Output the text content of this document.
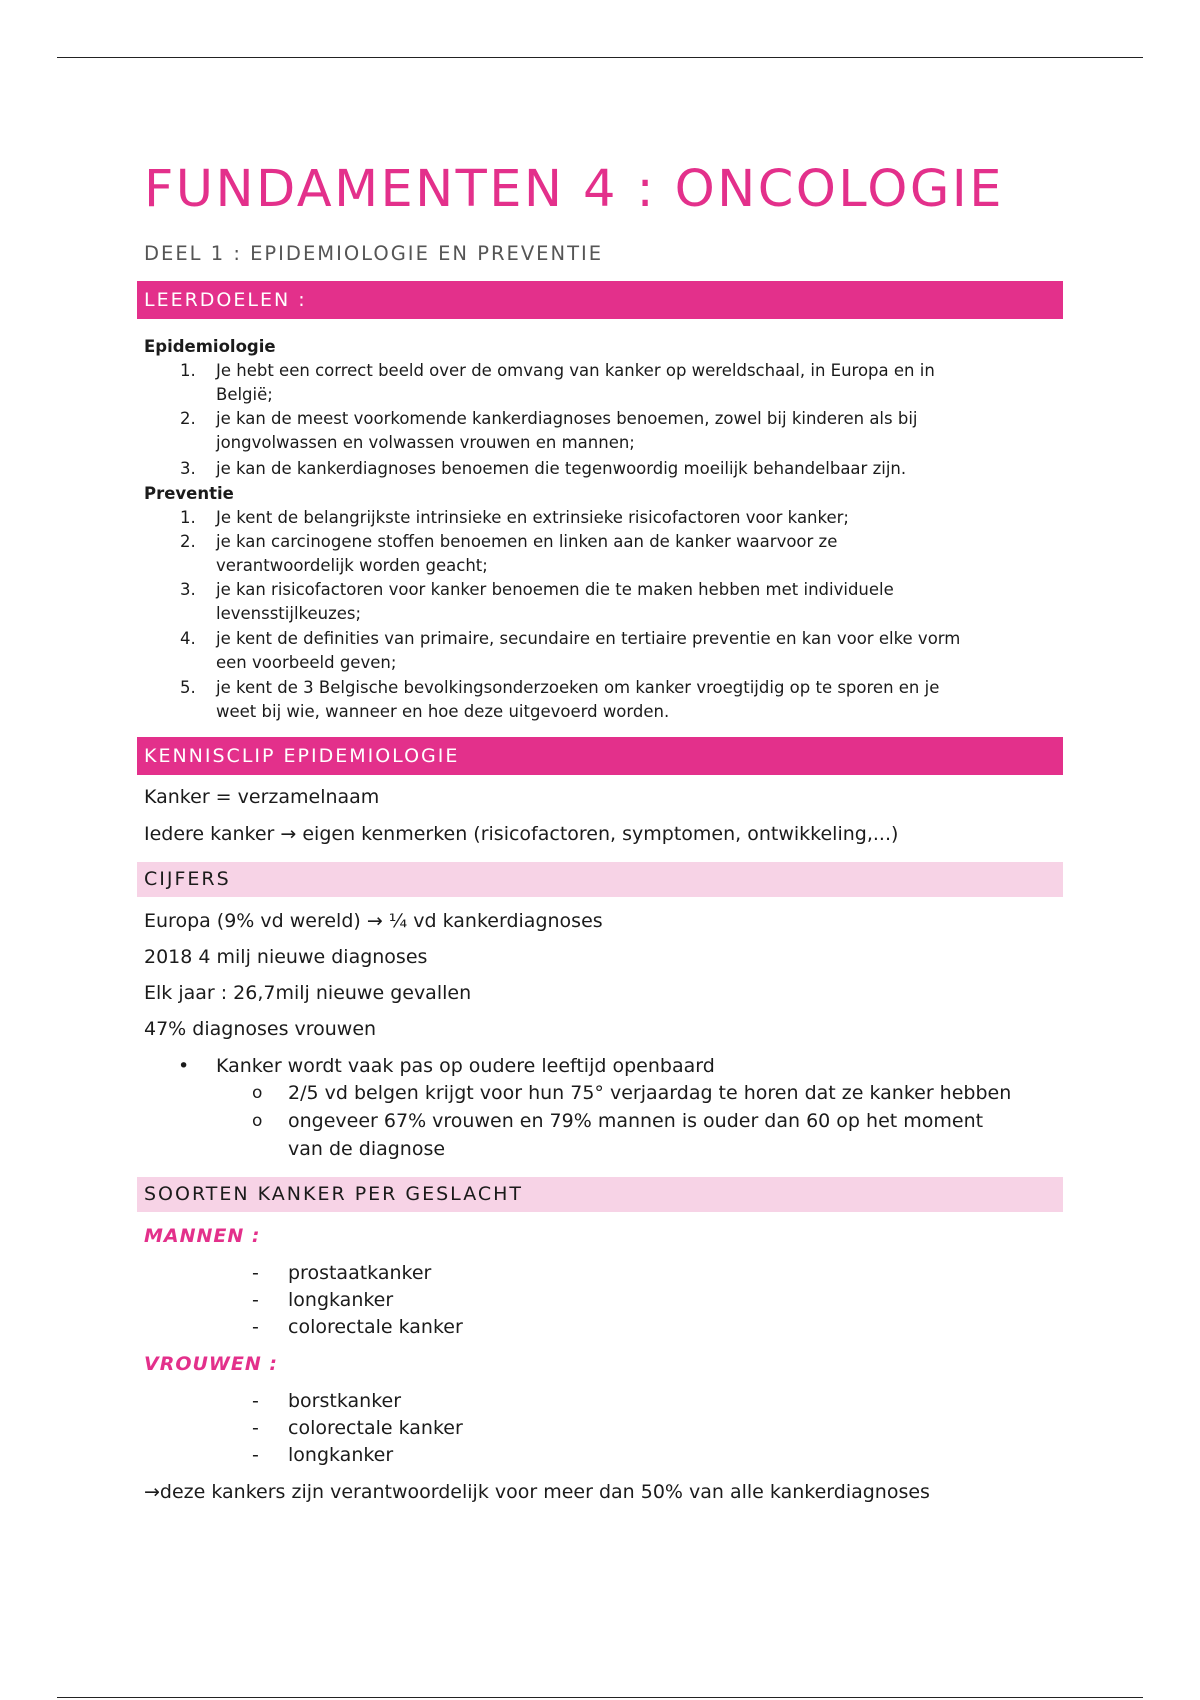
FUNDAMENTEN 4 : ONCOLOGIE
DEEL 1 : EPIDEMIOLOGIE EN PREVENTIE
LEERDOELEN :
Epidemiologie
1. Je hebt een correct beeld over de omvang van kanker op wereldschaal, in Europa en in
België;
2. je kan de meest voorkomende kankerdiagnoses benoemen, zowel bij kinderen als bij
jongvolwassen en volwassen vrouwen en mannen;
3. je kan de kankerdiagnoses benoemen die tegenwoordig moeilijk behandelbaar zijn.
Preventie
1. Je kent de belangrijkste intrinsieke en extrinsieke risicofactoren voor kanker;
2. je kan carcinogene stoffen benoemen en linken aan de kanker waarvoor ze
verantwoordelijk worden geacht;
3. je kan risicofactoren voor kanker benoemen die te maken hebben met individuele
levensstijlkeuzes;
4. je kent de definities van primaire, secundaire en tertiaire preventie en kan voor elke vorm
een voorbeeld geven;
5. je kent de 3 Belgische bevolkingsonderzoeken om kanker vroegtijdig op te sporen en je
weet bij wie, wanneer en hoe deze uitgevoerd worden.
KENNISCLIP EPIDEMIOLOGIE
Kanker = verzamelnaam
Iedere kanker → eigen kenmerken (risicofactoren, symptomen, ontwikkeling,...)
CIJFERS
Europa (9% vd wereld) → ¼ vd kankerdiagnoses
2018 4 milj nieuwe diagnoses
Elk jaar : 26,7milj nieuwe gevallen
47% diagnoses vrouwen
• Kanker wordt vaak pas op oudere leeftijd openbaard
o 2/5 vd belgen krijgt voor hun 75° verjaardag te horen dat ze kanker hebben
o ongeveer 67% vrouwen en 79% mannen is ouder dan 60 op het moment
van de diagnose
SOORTEN KANKER PER GESLACHT
MANNEN :
- prostaatkanker
- longkanker
- colorectale kanker
VROUWEN :
- borstkanker
- colorectale kanker
- longkanker
→deze kankers zijn verantwoordelijk voor meer dan 50% van alle kankerdiagnoses
